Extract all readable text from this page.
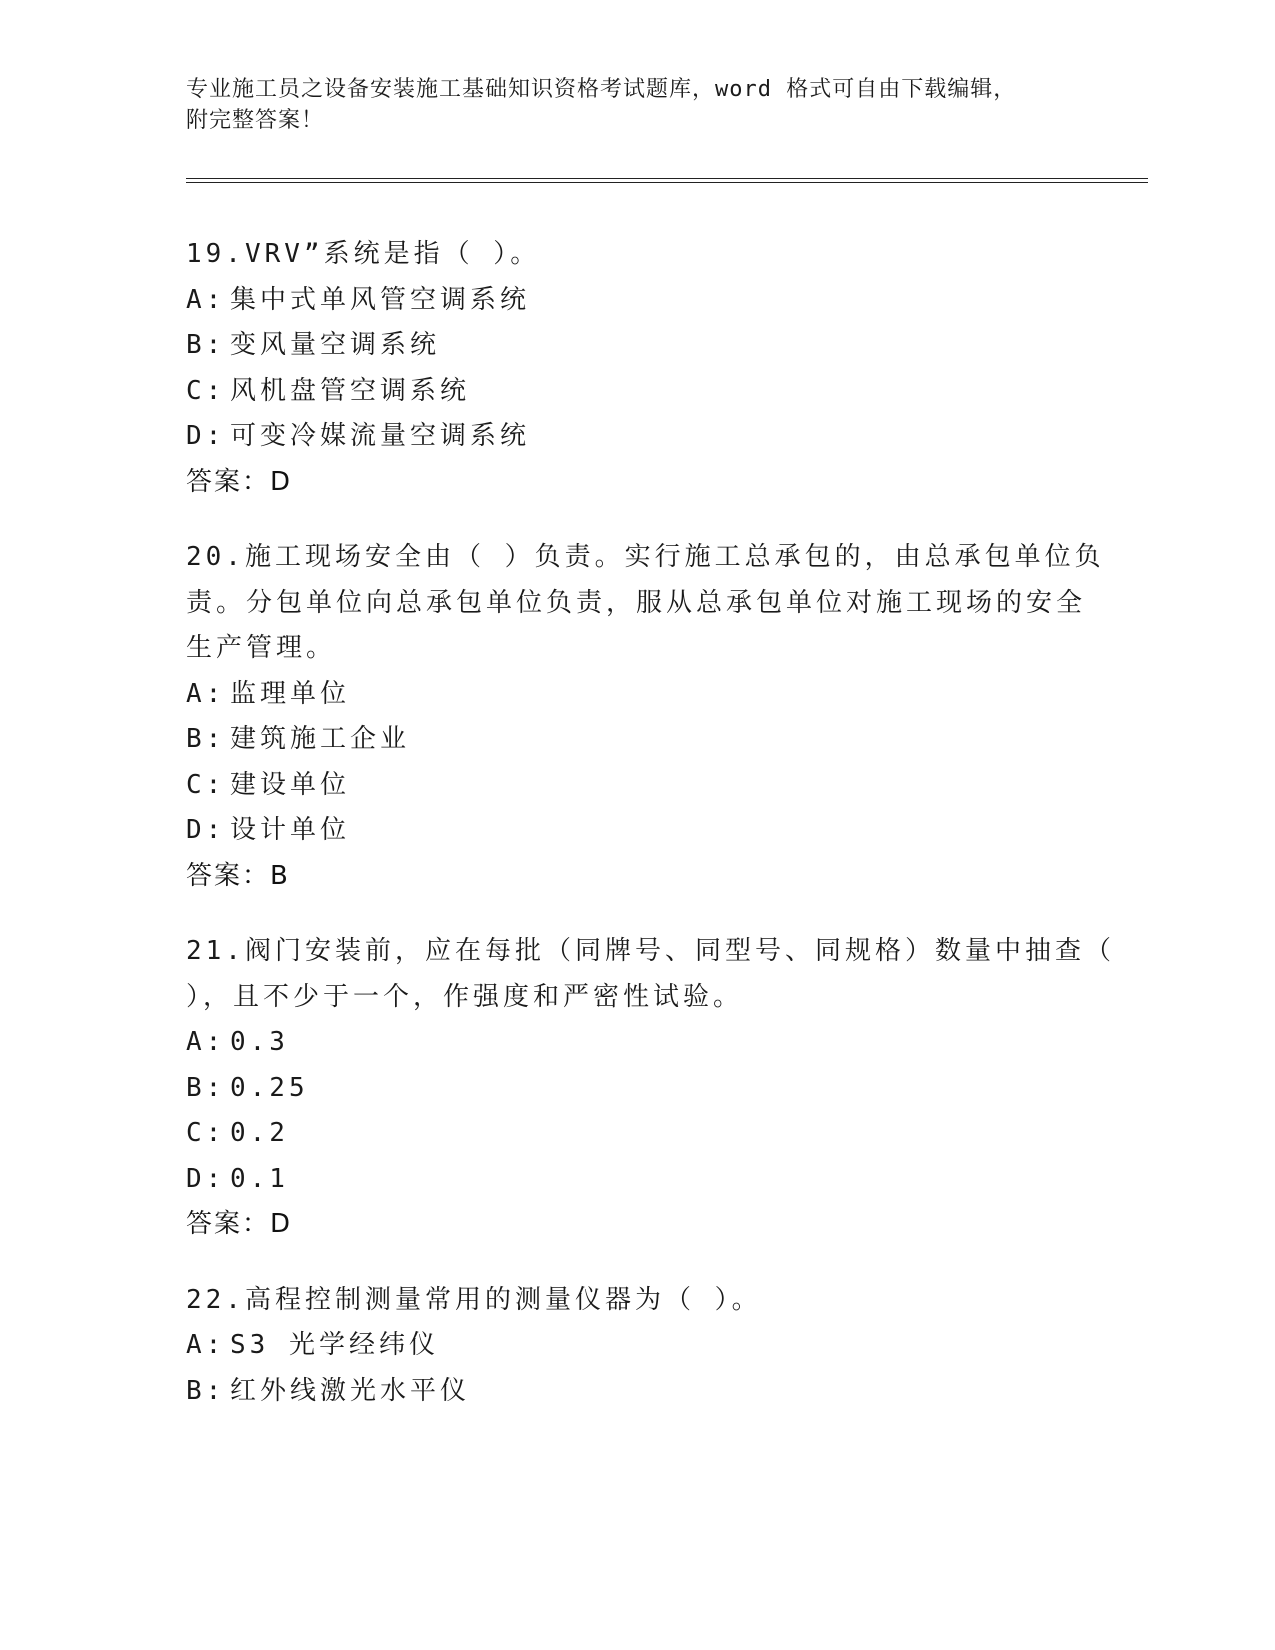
专业施工员之设备安装施工基础知识资格考试题库，word 格式可自由下载编辑，
附完整答案！
19.VRV”系统是指（ ）。
A: 集中式单风管空调系统
B: 变风量空调系统
C: 风机盘管空调系统
D: 可变冷媒流量空调系统
答案：D
20.施工现场安全由（ ）负责。实行施工总承包的，由总承包单位负
责。分包单位向总承包单位负责，服从总承包单位对施工现场的安全
生产管理。
A: 监理单位
B: 建筑施工企业
C: 建设单位
D: 设计单位
答案：B
21.阀门安装前，应在每批（同牌号、同型号、同规格）数量中抽查（
），且不少于一个，作强度和严密性试验。
A: 0.3
B: 0.25
C: 0.2
D: 0.1
答案：D
22.高程控制测量常用的测量仪器为（ ）。
A: S3 光学经纬仪
B: 红外线激光水平仪
